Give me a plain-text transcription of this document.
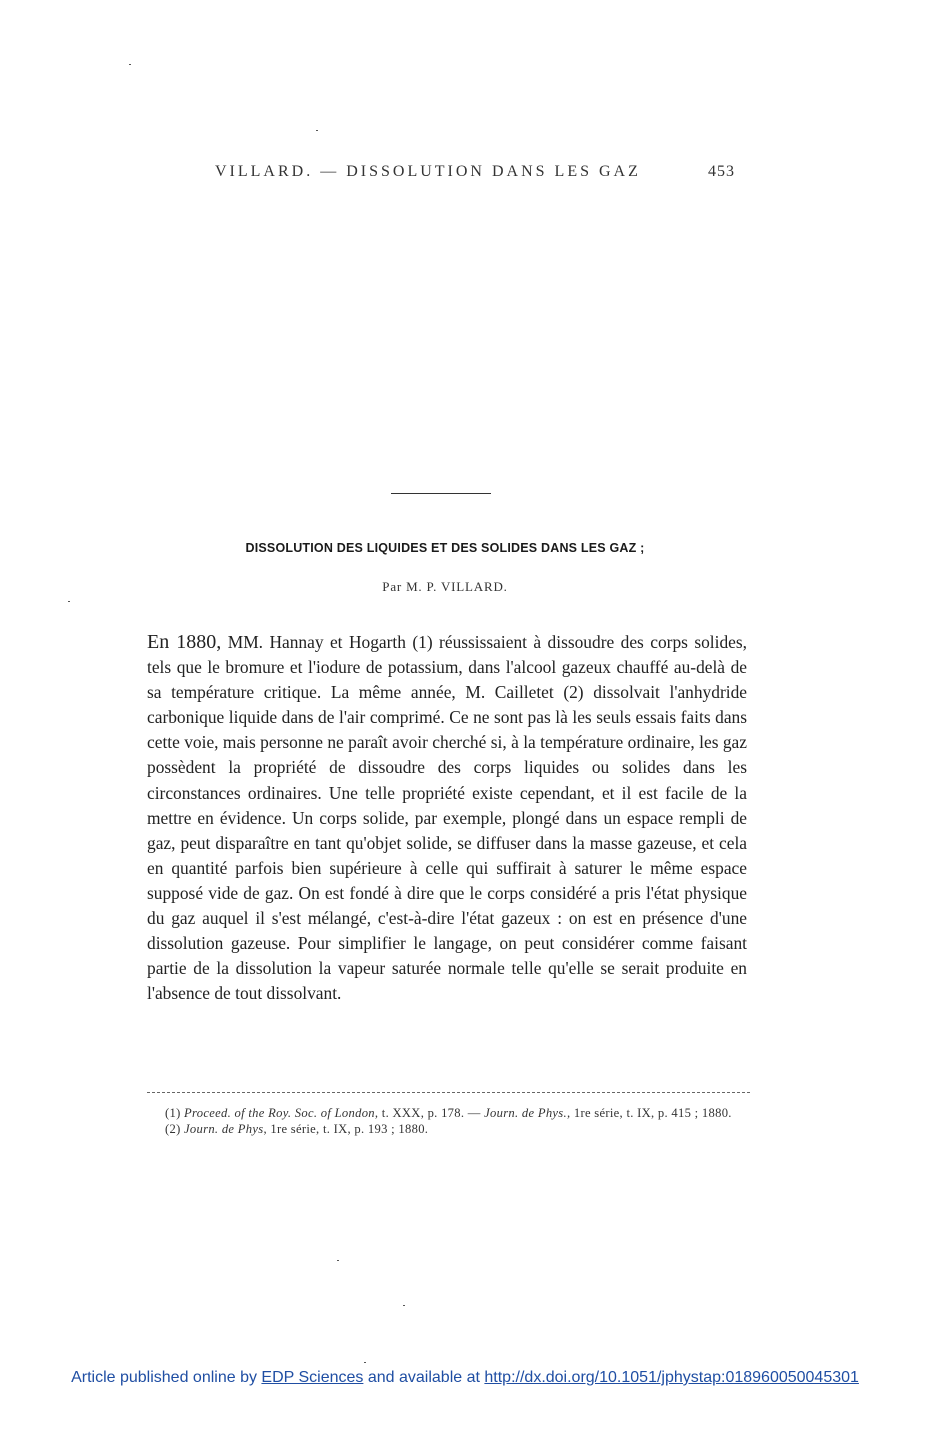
VILLARD. — DISSOLUTION DANS LES GAZ	453
DISSOLUTION DES LIQUIDES ET DES SOLIDES DANS LES GAZ ;
Par M. P. VILLARD.

En 1880, MM. Hannay et Hogarth (1) réussissaient à dissoudre des corps solides, tels que le bromure et l'iodure de potassium, dans l'alcool gazeux chauffé au-delà de sa température critique. La même année, M. Cailletet (2) dissolvait l'anhydride carbonique liquide dans de l'air comprimé. Ce ne sont pas là les seuls essais faits dans cette voie, mais personne ne paraît avoir cherché si, à la température ordinaire, les gaz possèdent la propriété de dissoudre des corps liquides ou solides dans les circonstances ordinaires. Une telle propriété existe cependant, et il est facile de la mettre en évidence. Un corps solide, par exemple, plongé dans un espace rempli de gaz, peut disparaître en tant qu'objet solide, se diffuser dans la masse gazeuse, et cela en quantité parfois bien supérieure à celle qui suffirait à saturer le même espace supposé vide de gaz. On est fondé à dire que le corps considéré a pris l'état physique du gaz auquel il s'est mélangé, c'est-à-dire l'état gazeux : on est en présence d'une dissolution gazeuse. Pour simplifier le langage, on peut considérer comme faisant partie de la dissolution la vapeur saturée normale telle qu'elle se serait produite en l'absence de tout dissolvant.

(1) Proceed. of the Roy. Soc. of London, t. XXX, p. 178. — Journ. de Phys., 1re série, t. IX, p. 415 ; 1880.

(2) Journ. de Phys, 1re série, t. IX, p. 193 ; 1880.

Article published online by EDP Sciences and available at http://dx.doi.org/10.1051/jphystap:018960050045301
